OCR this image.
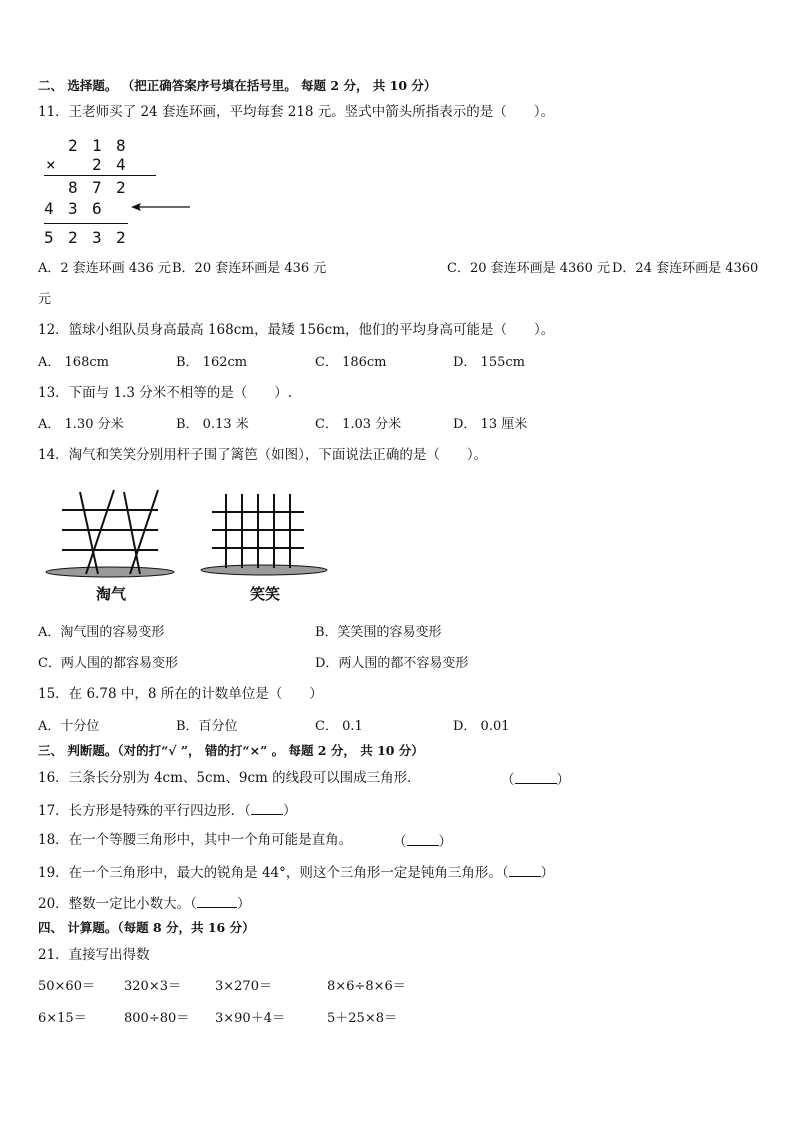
二、 选择题。 （把正确答案序号填在括号里。 每题 2 分， 共 10 分）
11．王老师买了 24 套连环画，平均每套 218 元。竖式中箭头所指表示的是（　　）。
2 1 8
× 2 4
8 7 2
4 3 6
5 2 3 2
A．2 套连环画 436 元 B．20 套连环画是 436 元	C．20 套连环画是 4360 元 D．24 套连环画是 4360
元
12．篮球小组队员身高最高 168cm，最矮 156cm，他们的平均身高可能是（　　）。
A． 168cm	B． 162cm	C． 186cm	D． 155cm
13．下面与 1.3 分米不相等的是（　　）.
A． 1.30 分米	B． 0.13 米	C． 1.03 分米	D． 13 厘米
14．淘气和笑笑分别用杆子围了篱笆（如图），下面说法正确的是（　　）。
淘气	笑笑
A．淘气围的容易变形	B．笑笑围的容易变形
C．两人围的都容易变形	D．两人围的都不容易变形
15．在 6.78 中，8 所在的计数单位是（　　）
A．十分位	B．百分位	C． 0.1	D． 0.01
三、 判断题。（对的打“√ ”， 错的打“×” 。 每题 2 分， 共 10 分）
16．三条长分别为 4cm、5cm、9cm 的线段可以围成三角形．	（	）
17．长方形是特殊的平行四边形．（ ）
18．在一个等腰三角形中，其中一个角可能是直角。	（ ）
19．在一个三角形中，最大的锐角是 44°，则这个三角形一定是钝角三角形。（ ）
20．整数一定比小数大。（	）
四、 计算题。（每题 8 分，共 16 分）
21．直接写出得数
50×60＝ 320×3＝	3×270＝	8×6÷8×6＝
6×15＝	800÷80＝ 3×90＋4＝	5＋25×8＝
